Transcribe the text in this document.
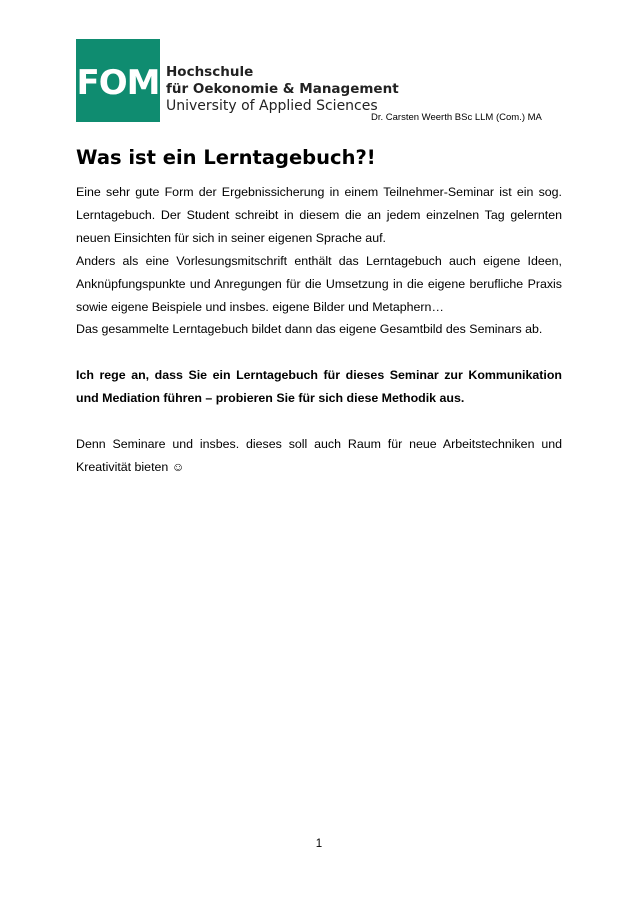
FOM Hochschule
für Oekonomie & Management
University of Applied Sciences
Dr. Carsten Weerth BSc LLM (Com.) MA
Was ist ein Lerntagebuch?!

Eine sehr gute Form der Ergebnissicherung in einem Teilnehmer-Seminar ist ein sog. Lerntagebuch. Der Student schreibt in diesem die an jedem einzelnen Tag gelernten neuen Einsichten für sich in seiner eigenen Sprache auf.

Anders als eine Vorlesungsmitschrift enthält das Lerntagebuch auch eigene Ideen, Anknüpfungspunkte und Anregungen für die Umsetzung in die eigene berufliche Praxis sowie eigene Beispiele und insbes. eigene Bilder und Metaphern…

Das gesammelte Lerntagebuch bildet dann das eigene Gesamtbild des Seminars ab.

Ich rege an, dass Sie ein Lerntagebuch für dieses Seminar zur Kommunikation und Mediation führen – probieren Sie für sich diese Methodik aus.

Denn Seminare und insbes. dieses soll auch Raum für neue Arbeitstechniken und Kreativität bieten ☺

1
